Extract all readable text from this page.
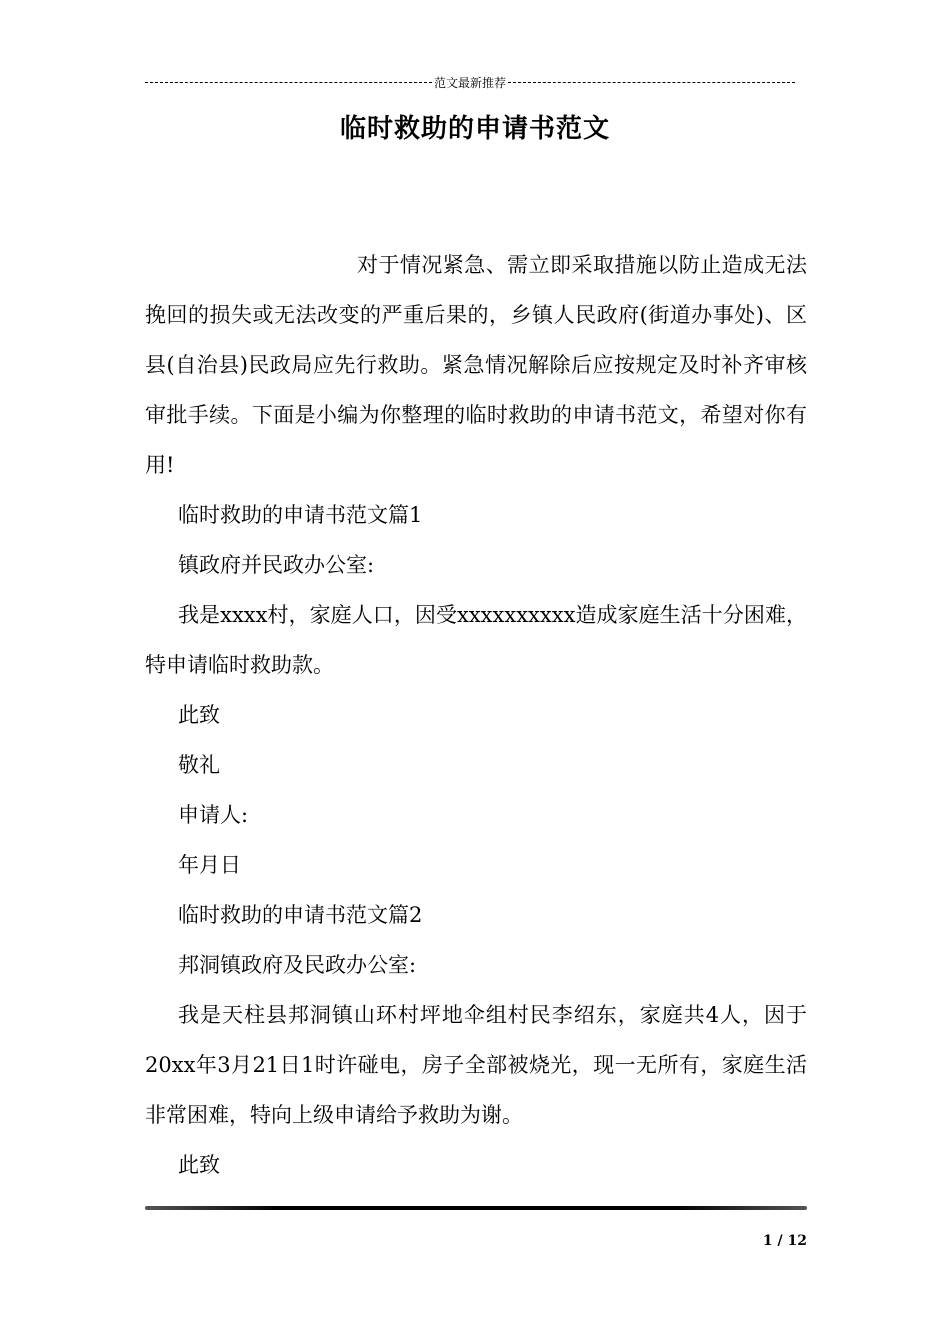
范文最新推荐
临时救助的申请书范文

对于情况紧急、需立即采取措施以防止造成无法挽回的损失或无法改变的严重后果的，乡镇人民政府(街道办事处)、区县(自治县)民政局应先行救助。紧急情况解除后应按规定及时补齐审核审批手续。下面是小编为你整理的临时救助的申请书范文，希望对你有用!

临时救助的申请书范文篇1

镇政府并民政办公室:

我是xxxx村，家庭人口，因受xxxxxxxxxx造成家庭生活十分困难，特申请临时救助款。

此致

敬礼

申请人:

年月日

临时救助的申请书范文篇2

邦洞镇政府及民政办公室:

我是天柱县邦洞镇山环村坪地伞组村民李绍东，家庭共4人，因于20xx年3月21日1时许碰电，房子全部被烧光，现一无所有，家庭生活非常困难，特向上级申请给予救助为谢。

此致

1 / 12
